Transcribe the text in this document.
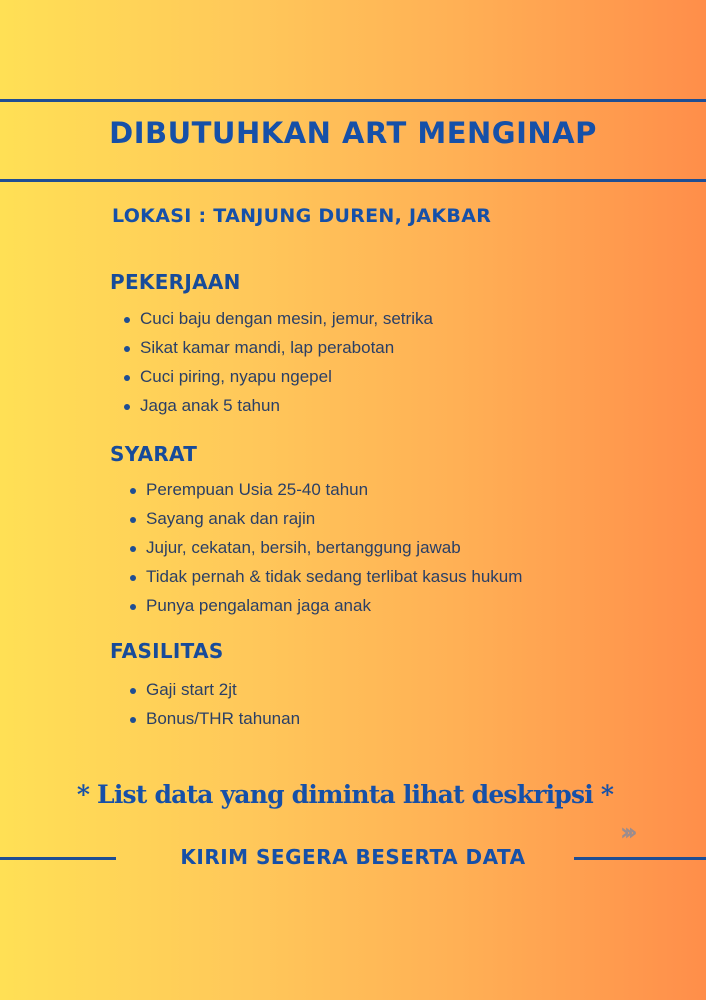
DIBUTUHKAN ART MENGINAP
LOKASI : TANJUNG DUREN, JAKBAR
PEKERJAAN
Cuci baju dengan mesin, jemur, setrika
Sikat kamar mandi, lap perabotan
Cuci piring, nyapu ngepel
Jaga anak 5 tahun
SYARAT
Perempuan Usia 25-40 tahun
Sayang anak dan rajin
Jujur, cekatan, bersih, bertanggung jawab
Tidak pernah & tidak sedang terlibat kasus hukum
Punya pengalaman jaga anak
FASILITAS
Gaji start 2jt
Bonus/THR tahunan
* List data yang diminta lihat deskripsi *
›››
KIRIM SEGERA BESERTA DATA
